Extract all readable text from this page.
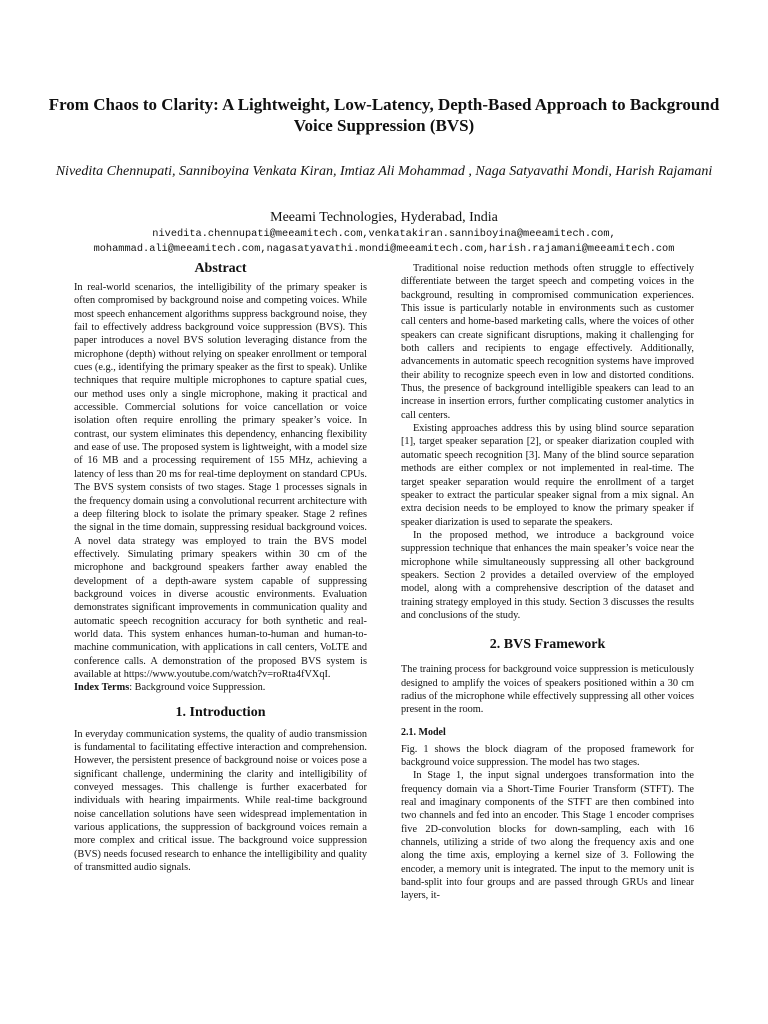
From Chaos to Clarity: A Lightweight, Low-Latency, Depth-Based Approach to Background Voice Suppression (BVS)
Nivedita Chennupati, Sanniboyina Venkata Kiran, Imtiaz Ali Mohammad , Naga Satyavathi Mondi, Harish Rajamani
Meeami Technologies, Hyderabad, India
nivedita.chennupati@meeamitech.com,venkatakiran.sanniboyina@meeamitech.com,
mohammad.ali@meeamitech.com,nagasatyavathi.mondi@meeamitech.com,harish.rajamani@meeamitech.com
Abstract

In real-world scenarios, the intelligibility of the primary speaker is often compromised by background noise and competing voices. While most speech enhancement algorithms suppress background noise, they fail to effectively address background voice suppression (BVS). This paper introduces a novel BVS solution leveraging distance from the microphone (depth) without relying on speaker enrollment or temporal cues (e.g., identifying the primary speaker as the first to speak). Unlike techniques that require multiple microphones to capture spatial cues, our method uses only a single microphone, making it practical and accessible. Commercial solutions for voice cancellation or voice isolation often require enrolling the primary speaker’s voice. In contrast, our system eliminates this dependency, enhancing flexibility and ease of use. The proposed system is lightweight, with a model size of 16 MB and a processing requirement of 155 MHz, achieving a latency of less than 20 ms for real-time deployment on standard CPUs. The BVS system consists of two stages. Stage 1 processes signals in the frequency domain using a convolutional recurrent architecture with a deep filtering block to isolate the primary speaker. Stage 2 refines the signal in the time domain, suppressing residual background voices. A novel data strategy was employed to train the BVS model effectively. Simulating primary speakers within 30 cm of the microphone and background speakers farther away enabled the development of a depth-aware system capable of suppressing background voices in diverse acoustic environments. Evaluation demonstrates significant improvements in communication quality and automatic speech recognition accuracy for both synthetic and real-world data. This system enhances human-to-human and human-to-machine communication, with applications in call centers, VoLTE and conference calls. A demonstration of the proposed BVS system is available at https://www.youtube.com/watch?v=roRta4fVXqI.

Index Terms: Background voice Suppression.

1. Introduction

In everyday communication systems, the quality of audio transmission is fundamental to facilitating effective interaction and comprehension. However, the persistent presence of background noise or voices pose a significant challenge, undermining the clarity and intelligibility of conveyed messages. This challenge is further exacerbated for individuals with hearing impairments. While real-time background noise cancellation solutions have seen widespread implementation in various applications, the suppression of background voices remain a more complex and critical issue. The background voice suppression (BVS) needs focused research to enhance the intelligibility and quality of transmitted audio signals.

Traditional noise reduction methods often struggle to effectively differentiate between the target speech and competing voices in the background, resulting in compromised communication experiences. This issue is particularly notable in environments such as customer call centers and home-based marketing calls, where the voices of other speakers can create significant disruptions, making it challenging for both callers and recipients to engage effectively. Additionally, advancements in automatic speech recognition systems have improved their ability to recognize speech even in low and distorted conditions. Thus, the presence of background intelligible speakers can lead to an increase in insertion errors, further complicating customer analytics in call centers.

Existing approaches address this by using blind source separation [1], target speaker separation [2], or speaker diarization coupled with automatic speech recognition [3]. Many of the blind source separation methods are either complex or not implemented in real-time. The target speaker separation would require the enrollment of a target speaker to extract the particular speaker signal from a mix signal. An extra decision needs to be employed to know the primary speaker if speaker diarization is used to separate the speakers.

In the proposed method, we introduce a background voice suppression technique that enhances the main speaker’s voice near the microphone while simultaneously suppressing all other background speakers. Section 2 provides a detailed overview of the employed model, along with a comprehensive description of the dataset and training strategy employed in this study. Section 3 discusses the results and conclusions of the study.

2. BVS Framework

The training process for background voice suppression is meticulously designed to amplify the voices of speakers positioned within a 30 cm radius of the microphone while effectively suppressing all other voices present in the room.

2.1. Model

Fig. 1 shows the block diagram of the proposed framework for background voice suppression. The model has two stages.

In Stage 1, the input signal undergoes transformation into the frequency domain via a Short-Time Fourier Transform (STFT). The real and imaginary components of the STFT are then combined into two channels and fed into an encoder. This Stage 1 encoder comprises five 2D-convolution blocks for down-sampling, each with 16 channels, utilizing a stride of two along the frequency axis and one along the time axis, employing a kernel size of 3. Following the encoder, a memory unit is integrated. The input to the memory unit is band-split into four groups and are passed through GRUs and linear layers, it-
